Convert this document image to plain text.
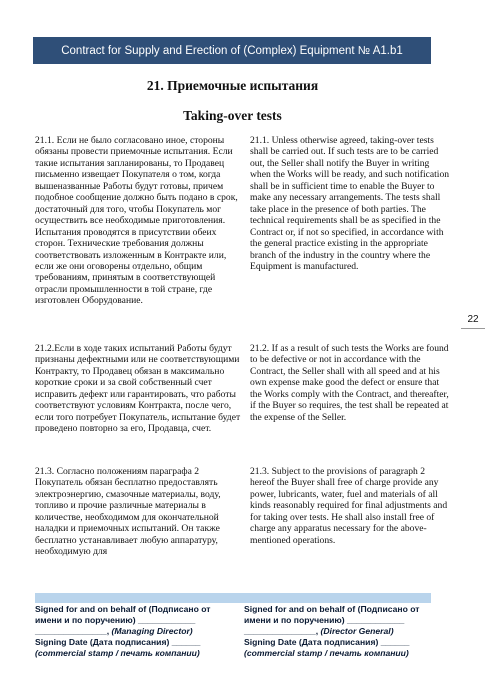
Contract for Supply and Erection of (Complex) Equipment № A1.b1
21. Приемочные испытания
Taking-over tests

21.1. Если не было согласовано иное, стороны обязаны провести приемочные испытания. Если такие испытания запланированы, то Продавец письменно извещает Покупателя о том, когда вышеназванные Работы будут готовы, причем подобное сообщение должно быть подано в срок, достаточный для того, чтобы Покупатель мог осуществить все необходимые приготовления. Испытания проводятся в присутствии обеих сторон. Технические требования должны соответствовать изложенным в Контракте или, если же они оговорены отдельно, общим требованиям, принятым в соответствующей отрасли промышленности в той стране, где изготовлен Оборудование.

21.1. Unless otherwise agreed, taking-over tests shall be carried out. If such tests are to be carried out, the Seller shall notify the Buyer in writing when the Works will be ready, and such notification shall be in sufficient time to enable the Buyer to make any necessary arrangements. The tests shall take place in the presence of both parties. The technical requirements shall be as specified in the Contract or, if not so specified, in accordance with the general practice existing in the appropriate branch of the industry in the country where the Equipment is manufactured.

21.2.Если в ходе таких испытаний Работы будут признаны дефектными или не соответствующими Контракту, то Продавец обязан в максимально короткие сроки и за свой собственный счет исправить дефект или гарантировать, что работы соответствуют условиям Контракта, после чего, если того потребует Покупатель, испытание будет проведено повторно за его, Продавца, счет.

21.2. If as a result of such tests the Works are found to be defective or not in accordance with the Contract, the Seller shall with all speed and at his own expense make good the defect or ensure that the Works comply with the Contract, and thereafter, if the Buyer so requires, the test shall be repeated at the expense of the Seller.

21.3. Согласно положениям параграфа 2 Покупатель обязан бесплатно предоставлять электроэнергию, смазочные материалы, воду, топливо и прочие различные материалы в количестве, необходимом для окончательной наладки и приемочных испытаний. Он также бесплатно устанавливает любую аппаратуру, необходимую для

21.3. Subject to the provisions of paragraph 2 hereof the Buyer shall free of charge provide any power, lubricants, water, fuel and materials of all kinds reasonably required for final adjustments and for taking over tests. He shall also install free of charge any apparatus necessary for the above-mentioned operations.

22
Signed for and on behalf of (Подписано от
имени и по поручению) ____________
_______________, (Managing Director)
Signing Date (Дата подписания) ______
(commercial stamp / печать компании)
Signed for and on behalf of (Подписано от
имени и по поручению) ____________
_______________, (Director General)
Signing Date (Дата подписания) ______
(commercial stamp / печать компании)
